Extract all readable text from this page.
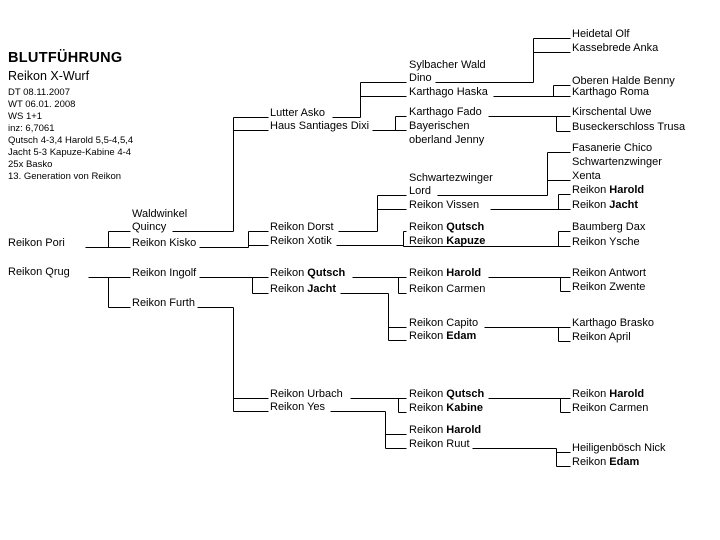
BLUTFÜHRUNG
Reikon X-Wurf
DT 08.11.2007
WT 06.01. 2008
WS 1+1
inz: 6,7061
Qutsch 4-3,4 Harold 5,5-4,5,4
Jacht 5-3 Kapuze-Kabine 4-4
25x Basko
13. Generation von Reikon
Reikon Pori
Reikon Qrug
Waldwinkel
Quincy
Reikon Kisko
Reikon Ingolf
Reikon Furth
Lutter Asko
Haus Santiages Dixi
Reikon Dorst
Reikon Xotik
Reikon Qutsch
Reikon Jacht
Reikon Urbach
Reikon Yes
Sylbacher Wald
Dino
Karthago Haska
Karthago Fado
Bayerischen
oberland Jenny
Schwartezwinger
Lord
Reikon Vissen
Reikon Qutsch
Reikon Kapuze
Reikon Harold
Reikon Carmen
Reikon Capito
Reikon Edam
Reikon Qutsch
Reikon Kabine
Reikon Harold
Reikon Ruut
Heidetal Olf
Kassebrede Anka
Oberen Halde Benny
Karthago Roma
Kirschental Uwe
Buseckerschloss Trusa
Fasanerie Chico
Schwartenzwinger
Xenta
Reikon Harold
Reikon Jacht
Baumberg Dax
Reikon Ysche
Reikon Antwort
Reikon Zwente
Karthago Brasko
Reikon April
Reikon Harold
Reikon Carmen
Heiligenbösch Nick
Reikon Edam
